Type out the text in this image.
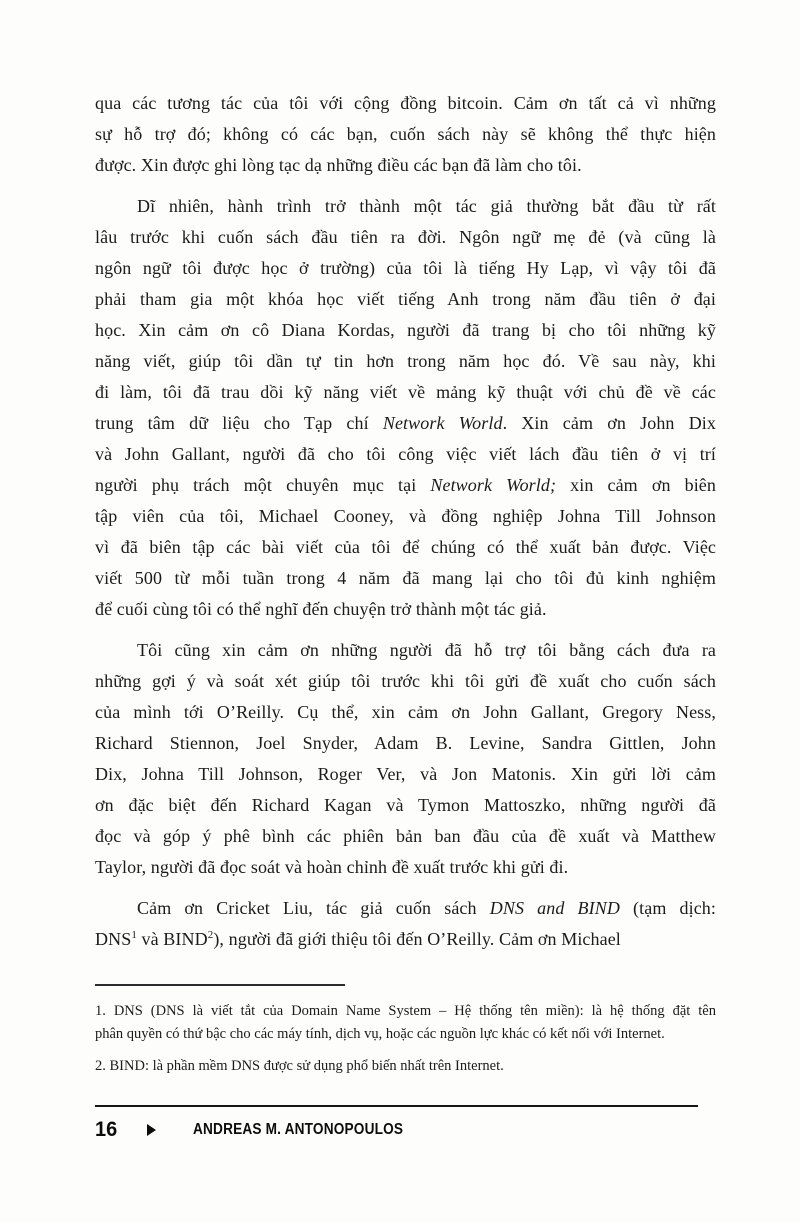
qua các tương tác của tôi với cộng đồng bitcoin. Cảm ơn tất cả vì những
sự hỗ trợ đó; không có các bạn, cuốn sách này sẽ không thể thực hiện
được. Xin được ghi lòng tạc dạ những điều các bạn đã làm cho tôi.
Dĩ nhiên, hành trình trở thành một tác giả thường bắt đầu từ rất
lâu trước khi cuốn sách đầu tiên ra đời. Ngôn ngữ mẹ đẻ (và cũng là
ngôn ngữ tôi được học ở trường) của tôi là tiếng Hy Lạp, vì vậy tôi đã
phải tham gia một khóa học viết tiếng Anh trong năm đầu tiên ở đại
học. Xin cảm ơn cô Diana Kordas, người đã trang bị cho tôi những kỹ
năng viết, giúp tôi dần tự tin hơn trong năm học đó. Về sau này, khi
đi làm, tôi đã trau dồi kỹ năng viết về mảng kỹ thuật với chủ đề về các
trung tâm dữ liệu cho Tạp chí Network World. Xin cảm ơn John Dix
và John Gallant, người đã cho tôi công việc viết lách đầu tiên ở vị trí
người phụ trách một chuyên mục tại Network World; xin cảm ơn biên
tập viên của tôi, Michael Cooney, và đồng nghiệp Johna Till Johnson
vì đã biên tập các bài viết của tôi để chúng có thể xuất bản được. Việc
viết 500 từ mỗi tuần trong 4 năm đã mang lại cho tôi đủ kinh nghiệm
để cuối cùng tôi có thể nghĩ đến chuyện trở thành một tác giả.
Tôi cũng xin cảm ơn những người đã hỗ trợ tôi bằng cách đưa ra
những gợi ý và soát xét giúp tôi trước khi tôi gửi đề xuất cho cuốn sách
của mình tới O’Reilly. Cụ thể, xin cảm ơn John Gallant, Gregory Ness,
Richard Stiennon, Joel Snyder, Adam B. Levine, Sandra Gittlen, John
Dix, Johna Till Johnson, Roger Ver, và Jon Matonis. Xin gửi lời cảm
ơn đặc biệt đến Richard Kagan và Tymon Mattoszko, những người đã
đọc và góp ý phê bình các phiên bản ban đầu của đề xuất và Matthew
Taylor, người đã đọc soát và hoàn chỉnh đề xuất trước khi gửi đi.
Cảm ơn Cricket Liu, tác giả cuốn sách DNS and BIND (tạm dịch:
DNS$^1$ và BIND$^2$), người đã giới thiệu tôi đến O’Reilly. Cảm ơn Michael
1. DNS (DNS là viết tắt của Domain Name System – Hệ thống tên miền): là hệ thống đặt tên
phân quyền có thứ bậc cho các máy tính, dịch vụ, hoặc các nguồn lực khác có kết nối với Internet.
2. BIND: là phần mềm DNS được sử dụng phổ biến nhất trên Internet.
16	ANDREAS M. ANTONOPOULOS
